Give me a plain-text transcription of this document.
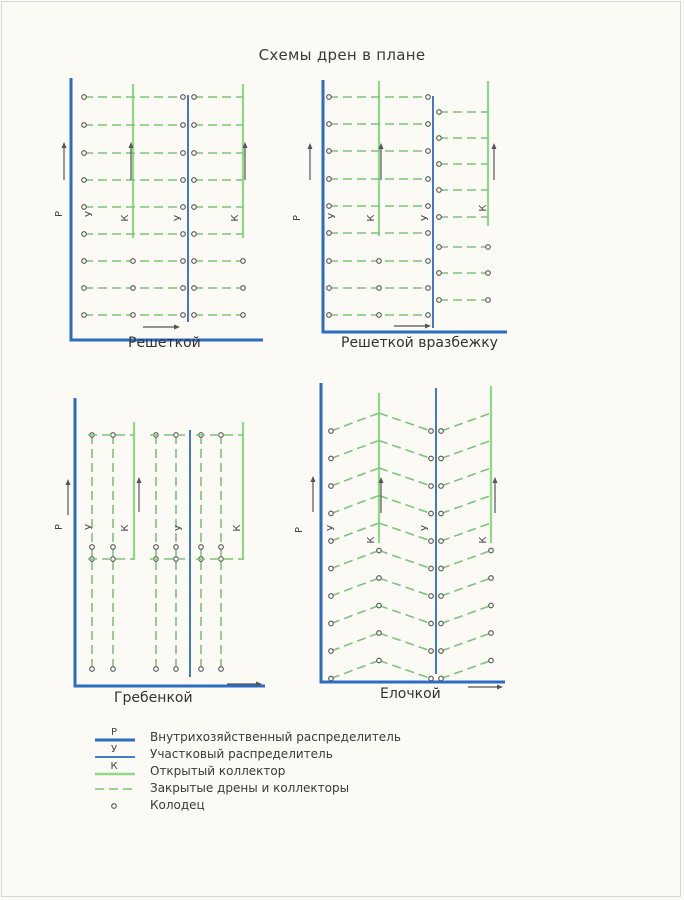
Схемы дрен в плане
Р У
К	У	К	Р У	К	У
К
Р У	К	У	К	Р У
К
У
К
Р
У
К
Решеткой	Решеткой вразбежку
Гребенкой	Елочкой
Внутрихозяйственный распределитель
Участковый распределитель
Открытый коллектор
Закрытые дрены и коллекторы
Колодец
